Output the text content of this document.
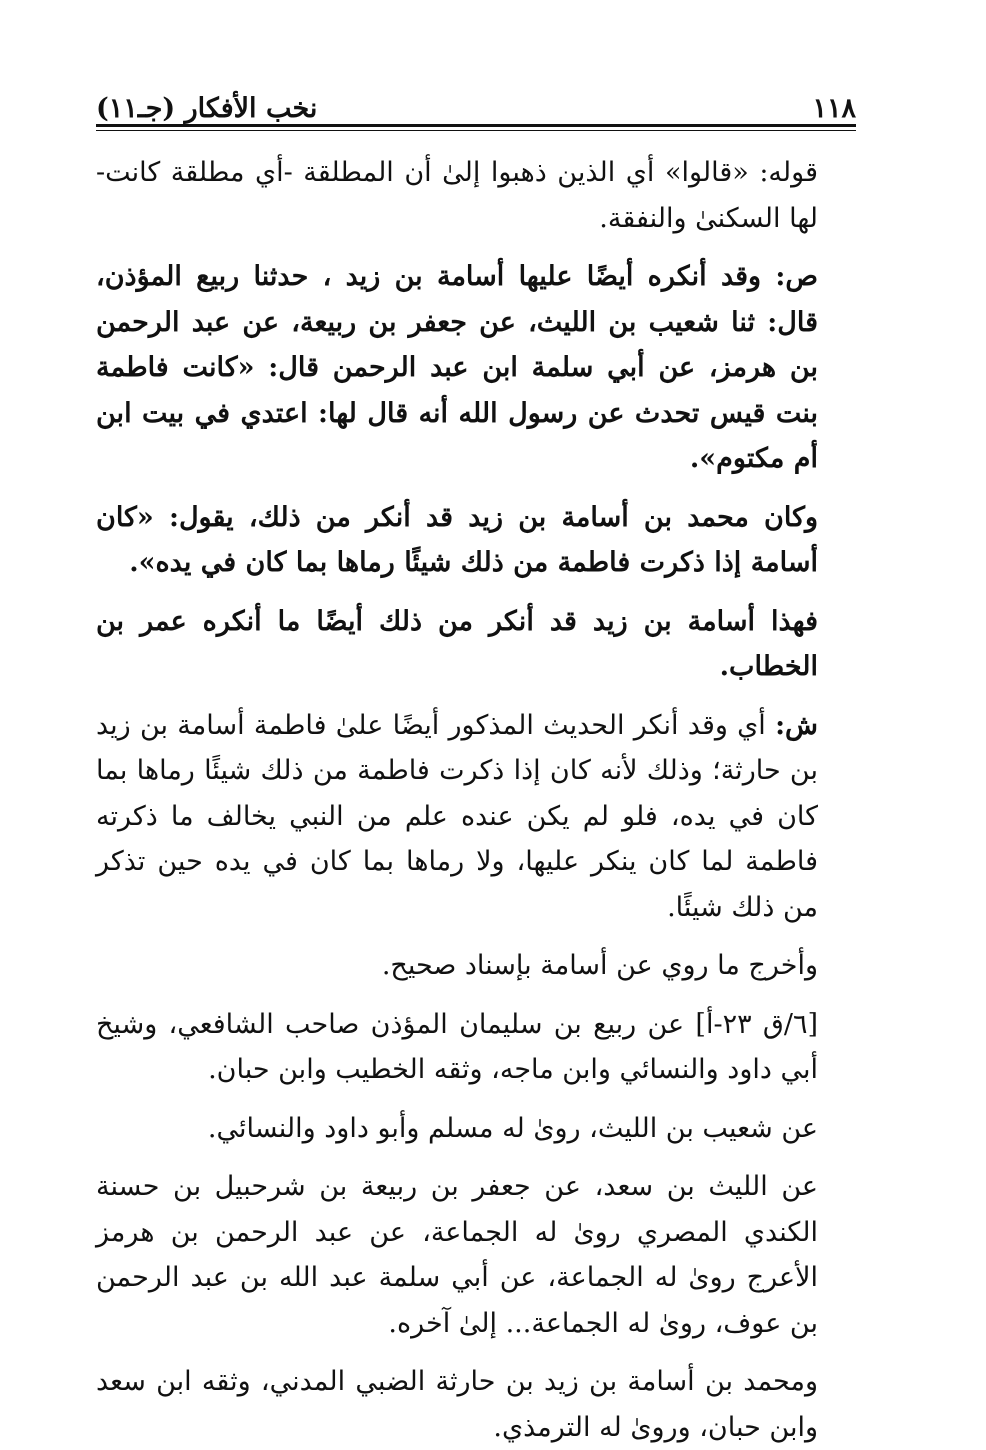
١١٨
نخب الأفكار (جـ١١)

قوله: «قالوا» أي الذين ذهبوا إلىٰ أن المطلقة -أي مطلقة كانت- لها السكنىٰ والنفقة.

ص: وقد أنكره أيضًا عليها أسامة بن زيد ، حدثنا ربيع المؤذن، قال: ثنا شعيب بن الليث، عن جعفر بن ربيعة، عن عبد الرحمن بن هرمز، عن أبي سلمة ابن عبد الرحمن قال: «كانت فاطمة بنت قيس تحدث عن رسول الله أنه قال لها: اعتدي في بيت ابن أم مكتوم».

وكان محمد بن أسامة بن زيد قد أنكر من ذلك، يقول: «كان أسامة إذا ذكرت فاطمة من ذلك شيئًا رماها بما كان في يده».

فهذا أسامة بن زيد قد أنكر من ذلك أيضًا ما أنكره عمر بن الخطاب.

ش: أي وقد أنكر الحديث المذكور أيضًا علىٰ فاطمة أسامة بن زيد بن حارثة؛ وذلك لأنه كان إذا ذكرت فاطمة من ذلك شيئًا رماها بما كان في يده، فلو لم يكن عنده علم من النبي يخالف ما ذكرته فاطمة لما كان ينكر عليها، ولا رماها بما كان في يده حين تذكر من ذلك شيئًا.

وأخرج ما روي عن أسامة بإسناد صحيح.

[٦/ق ٢٣-أ] عن ربيع بن سليمان المؤذن صاحب الشافعي، وشيخ أبي داود والنسائي وابن ماجه، وثقه الخطيب وابن حبان.

عن شعيب بن الليث، روىٰ له مسلم وأبو داود والنسائي.

عن الليث بن سعد، عن جعفر بن ربيعة بن شرحبيل بن حسنة الكندي المصري روىٰ له الجماعة، عن عبد الرحمن بن هرمز الأعرج روىٰ له الجماعة، عن أبي سلمة عبد الله بن عبد الرحمن بن عوف، روىٰ له الجماعة... إلىٰ آخره.

ومحمد بن أسامة بن زيد بن حارثة الضبي المدني، وثقه ابن سعد وابن حبان، وروىٰ له الترمذي.
